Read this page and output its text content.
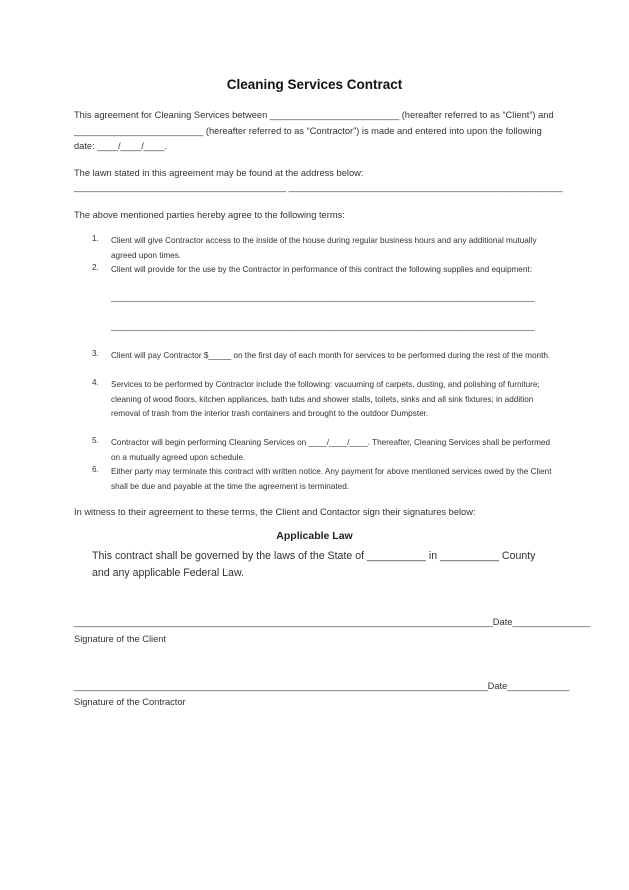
Cleaning Services Contract
This agreement for Cleaning Services between _________________________ (hereafter referred to as “Client”) and _________________________ (hereafter referred to as “Contractor”) is made and entered into upon the following date: ____/____/____.
The lawn stated in this agreement may be found at the address below:
_________________________________________ _____________________________________________________
The above mentioned parties hereby agree to the following terms:
1.	Client will give Contractor access to the inside of the house during regular business hours and any additional mutually agreed upon times.
2.	Client will provide for the use by the Contractor in performance of this contract the following supplies and equipment:
3.	Client will pay Contractor $_____ on the first day of each month for services to be performed during the rest of the month.
4.	Services to be performed by Contractor include the following: vacuuming of carpets, dusting, and polishing of furniture; cleaning of wood floors, kitchen appliances, bath tubs and shower stalls, toilets, sinks and all sink fixtures; in addition removal of trash from the interior trash containers and brought to the outdoor Dumpster.
5.	Contractor will begin performing Cleaning Services on ____/____/____. Thereafter, Cleaning Services shall be performed on a mutually agreed upon schedule.
6.	Either party may terminate this contract with written notice. Any payment for above mentioned services owed by the Client shall be due and payable at the time the agreement is terminated.
_____________________________________________________________________________________________
_____________________________________________________________________________________________
In witness to their agreement to these terms, the Client and Contactor sign their signatures below:
Applicable Law
This contract shall be governed by the laws of the State of __________ in __________ County and any applicable Federal Law.
_________________________________________________________________________________Date_______________
Signature of the Client
________________________________________________________________________________Date____________
Signature of the Contractor
